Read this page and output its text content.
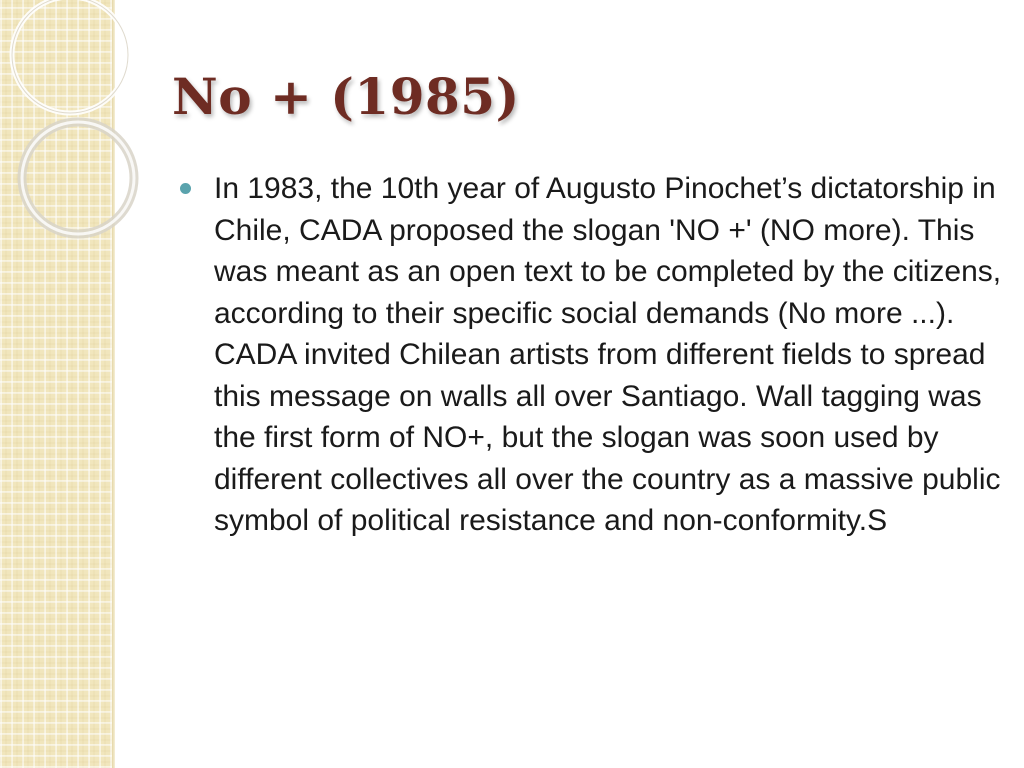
No + (1985)

In 1983, the 10th year of Augusto Pinochet’s dictatorship in Chile, CADA proposed the slogan 'NO +' (NO more). This was meant as an open text to be completed by the citizens, according to their specific social demands (No more ...). CADA invited Chilean artists from different fields to spread this message on walls all over Santiago. Wall tagging was the first form of NO+, but the slogan was soon used by different collectives all over the country as a massive public symbol of political resistance and non-conformity.S
